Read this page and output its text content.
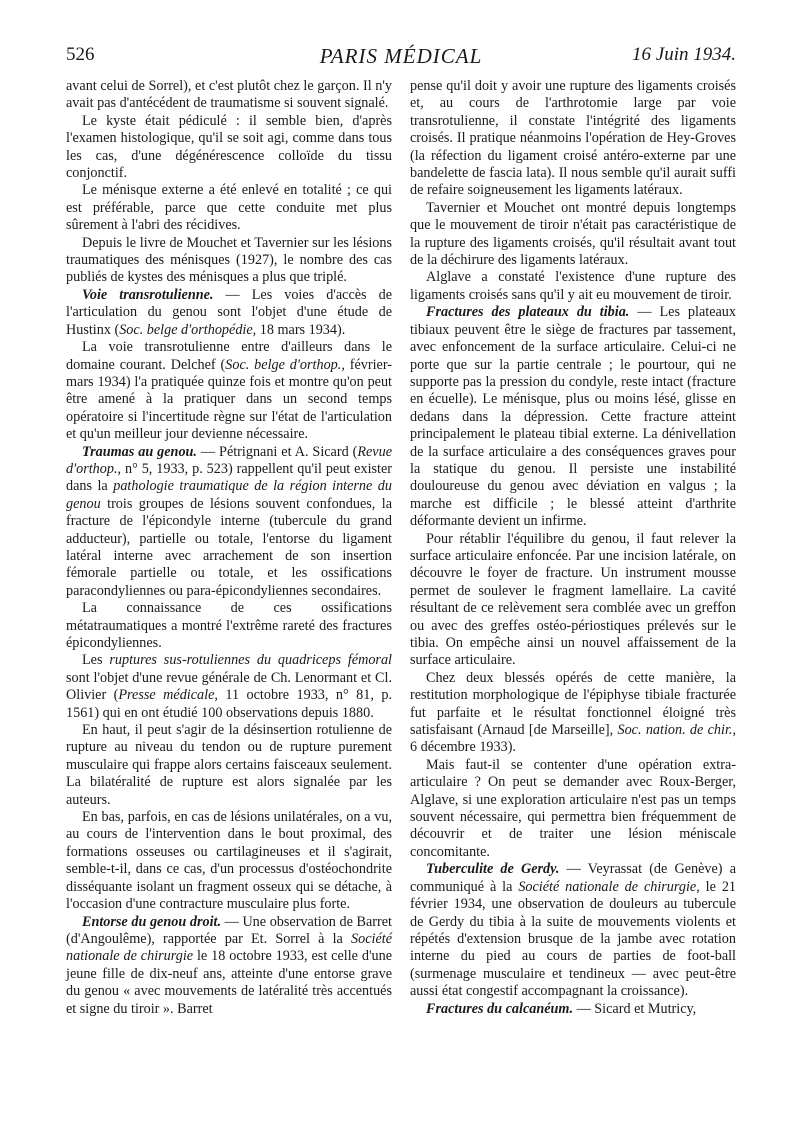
526	PARIS MÉDICAL	16 Juin 1934.

avant celui de Sorrel), et c'est plutôt chez le garçon. Il n'y avait pas d'antécédent de traumatisme si souvent signalé.

Le kyste était pédiculé : il semble bien, d'après l'examen histologique, qu'il se soit agi, comme dans tous les cas, d'une dégénérescence colloïde du tissu conjonctif.

Le ménisque externe a été enlevé en totalité ; ce qui est préférable, parce que cette conduite met plus sûrement à l'abri des récidives.

Depuis le livre de Mouchet et Tavernier sur les lésions traumatiques des ménisques (1927), le nombre des cas publiés de kystes des ménisques a plus que triplé.

Voie transrotulienne. — Les voies d'accès de l'articulation du genou sont l'objet d'une étude de Hustinx (Soc. belge d'orthopédie, 18 mars 1934).

La voie transrotulienne entre d'ailleurs dans le domaine courant. Delchef (Soc. belge d'orthop., février-mars 1934) l'a pratiquée quinze fois et montre qu'on peut être amené à la pratiquer dans un second temps opératoire si l'incertitude règne sur l'état de l'articulation et qu'un meilleur jour devienne nécessaire.

Traumas au genou. — Pétrignani et A. Sicard (Revue d'orthop., n° 5, 1933, p. 523) rappellent qu'il peut exister dans la pathologie traumatique de la région interne du genou trois groupes de lésions souvent confondues, la fracture de l'épicondyle interne (tubercule du grand adducteur), partielle ou totale, l'entorse du ligament latéral interne avec arrachement de son insertion fémorale partielle ou totale, et les ossifications paracondyliennes ou para-épicondyliennes secondaires.

La connaissance de ces ossifications métatraumatiques a montré l'extrême rareté des fractures épicondyliennes.

Les ruptures sus-rotuliennes du quadriceps fémoral sont l'objet d'une revue générale de Ch. Lenormant et Cl. Olivier (Presse médicale, 11 octobre 1933, n° 81, p. 1561) qui en ont étudié 100 observations depuis 1880.

En haut, il peut s'agir de la désinsertion rotulienne de rupture au niveau du tendon ou de rupture purement musculaire qui frappe alors certains faisceaux seulement. La bilatéralité de rupture est alors signalée par les auteurs.

En bas, parfois, en cas de lésions unilatérales, on a vu, au cours de l'intervention dans le bout proximal, des formations osseuses ou cartilagineuses et il s'agirait, semble-t-il, dans ce cas, d'un processus d'ostéochondrite disséquante isolant un fragment osseux qui se détache, à l'occasion d'une contracture musculaire plus forte.

Entorse du genou droit. — Une observation de Barret (d'Angoulême), rapportée par Et. Sorrel à la Société nationale de chirurgie le 18 octobre 1933, est celle d'une jeune fille de dix-neuf ans, atteinte d'une entorse grave du genou « avec mouvements de latéralité très accentués et signe du tiroir ». Barret

pense qu'il doit y avoir une rupture des ligaments croisés et, au cours de l'arthrotomie large par voie transrotulienne, il constate l'intégrité des ligaments croisés. Il pratique néanmoins l'opération de Hey-Groves (la réfection du ligament croisé antéro-externe par une bandelette de fascia lata). Il nous semble qu'il aurait suffi de refaire soigneusement les ligaments latéraux.

Tavernier et Mouchet ont montré depuis longtemps que le mouvement de tiroir n'était pas caractéristique de la rupture des ligaments croisés, qu'il résultait avant tout de la déchirure des ligaments latéraux.

Alglave a constaté l'existence d'une rupture des ligaments croisés sans qu'il y ait eu mouvement de tiroir.

Fractures des plateaux du tibia. — Les plateaux tibiaux peuvent être le siège de fractures par tassement, avec enfoncement de la surface articulaire. Celui-ci ne porte que sur la partie centrale ; le pourtour, qui ne supporte pas la pression du condyle, reste intact (fracture en écuelle). Le ménisque, plus ou moins lésé, glisse en dedans dans la dépression. Cette fracture atteint principalement le plateau tibial externe. La dénivellation de la surface articulaire a des conséquences graves pour la statique du genou. Il persiste une instabilité douloureuse du genou avec déviation en valgus ; la marche est difficile ; le blessé atteint d'arthrite déformante devient un infirme.

Pour rétablir l'équilibre du genou, il faut relever la surface articulaire enfoncée. Par une incision latérale, on découvre le foyer de fracture. Un instrument mousse permet de soulever le fragment lamellaire. La cavité résultant de ce relèvement sera comblée avec un greffon ou avec des greffes ostéo-périostiques prélevés sur le tibia. On empêche ainsi un nouvel affaissement de la surface articulaire.

Chez deux blessés opérés de cette manière, la restitution morphologique de l'épiphyse tibiale fracturée fut parfaite et le résultat fonctionnel éloigné très satisfaisant (Arnaud [de Marseille], Soc. nation. de chir., 6 décembre 1933).

Mais faut-il se contenter d'une opération extra-articulaire ? On peut se demander avec Roux-Berger, Alglave, si une exploration articulaire n'est pas un temps souvent nécessaire, qui permettra bien fréquemment de découvrir et de traiter une lésion méniscale concomitante.

Tuberculite de Gerdy. — Veyrassat (de Genève) a communiqué à la Société nationale de chirurgie, le 21 février 1934, une observation de douleurs au tubercule de Gerdy du tibia à la suite de mouvements violents et répétés d'extension brusque de la jambe avec rotation interne du pied au cours de parties de foot-ball (surmenage musculaire et tendineux — avec peut-être aussi état congestif accompagnant la croissance).

Fractures du calcanéum. — Sicard et Mutricy,
